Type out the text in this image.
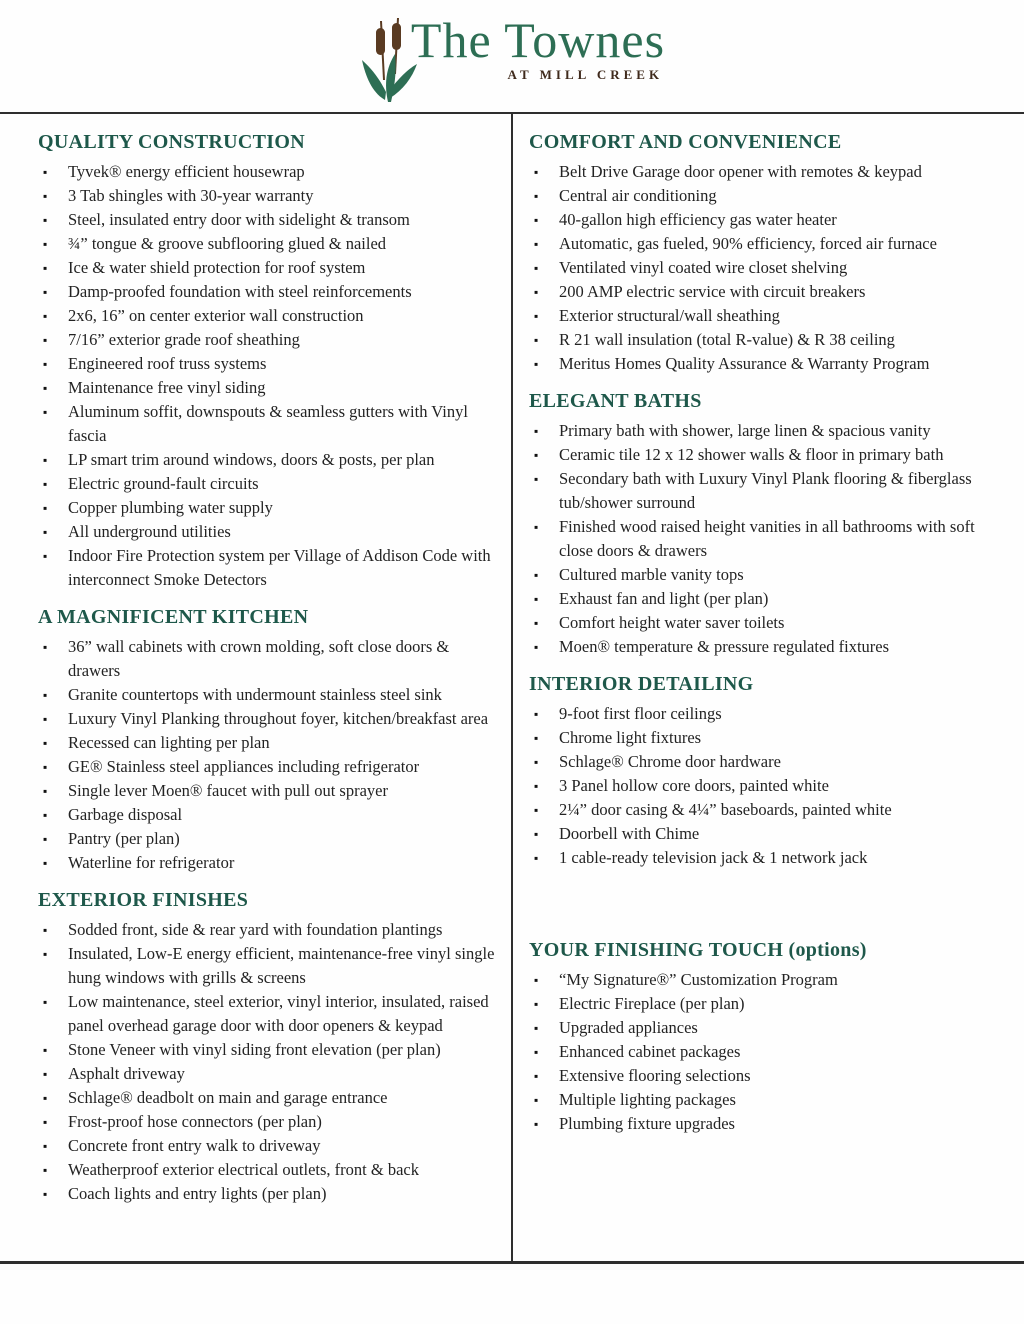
The Townes
AT MILL CREEK
QUALITY CONSTRUCTION
▪ Tyvek® energy efficient housewrap
▪ 3 Tab shingles with 30-year warranty
▪ Steel, insulated entry door with sidelight & transom
▪ ¾” tongue & groove subflooring glued & nailed
▪ Ice & water shield protection for roof system
▪ Damp-proofed foundation with steel reinforcements
▪ 2x6, 16” on center exterior wall construction
▪ 7/16” exterior grade roof sheathing
▪ Engineered roof truss systems
▪ Maintenance free vinyl siding
▪ Aluminum soffit, downspouts & seamless gutters with Vinyl fascia
▪ LP smart trim around windows, doors & posts, per plan
▪ Electric ground-fault circuits
▪ Copper plumbing water supply
▪ All underground utilities
▪ Indoor Fire Protection system per Village of Addison Code with interconnect Smoke Detectors
A MAGNIFICENT KITCHEN
▪ 36” wall cabinets with crown molding, soft close doors & drawers
▪ Granite countertops with undermount stainless steel sink
▪ Luxury Vinyl Planking throughout foyer, kitchen/breakfast area
▪ Recessed can lighting per plan
▪ GE® Stainless steel appliances including refrigerator
▪ Single lever Moen® faucet with pull out sprayer
▪ Garbage disposal
▪ Pantry (per plan)
▪ Waterline for refrigerator
EXTERIOR FINISHES
▪ Sodded front, side & rear yard with foundation plantings
▪ Insulated, Low-E energy efficient, maintenance-free vinyl single hung windows with grills & screens
▪ Low maintenance, steel exterior, vinyl interior, insulated, raised panel overhead garage door with door openers & keypad
▪ Stone Veneer with vinyl siding front elevation (per plan)
▪ Asphalt driveway
▪ Schlage® deadbolt on main and garage entrance
▪ Frost-proof hose connectors (per plan)
▪ Concrete front entry walk to driveway
▪ Weatherproof exterior electrical outlets, front & back
▪ Coach lights and entry lights (per plan)
COMFORT AND CONVENIENCE
▪ Belt Drive Garage door opener with remotes & keypad
▪ Central air conditioning
▪ 40-gallon high efficiency gas water heater
▪ Automatic, gas fueled, 90% efficiency, forced air furnace
▪ Ventilated vinyl coated wire closet shelving
▪ 200 AMP electric service with circuit breakers
▪ Exterior structural/wall sheathing
▪ R 21 wall insulation (total R-value) & R 38 ceiling
▪ Meritus Homes Quality Assurance & Warranty Program
ELEGANT BATHS
▪ Primary bath with shower, large linen & spacious vanity
▪ Ceramic tile 12 x 12 shower walls & floor in primary bath
▪ Secondary bath with Luxury Vinyl Plank flooring & fiberglass tub/shower surround
▪ Finished wood raised height vanities in all bathrooms with soft close doors & drawers
▪ Cultured marble vanity tops
▪ Exhaust fan and light (per plan)
▪ Comfort height water saver toilets
▪ Moen® temperature & pressure regulated fixtures
INTERIOR DETAILING
▪ 9-foot first floor ceilings
▪ Chrome light fixtures
▪ Schlage® Chrome door hardware
▪ 3 Panel hollow core doors, painted white
▪ 2¼” door casing & 4¼” baseboards, painted white
▪ Doorbell with Chime
▪ 1 cable-ready television jack & 1 network jack
YOUR FINISHING TOUCH (options)
▪ “My Signature®” Customization Program
▪ Electric Fireplace (per plan)
▪ Upgraded appliances
▪ Enhanced cabinet packages
▪ Extensive flooring selections
▪ Multiple lighting packages
▪ Plumbing fixture upgrades
